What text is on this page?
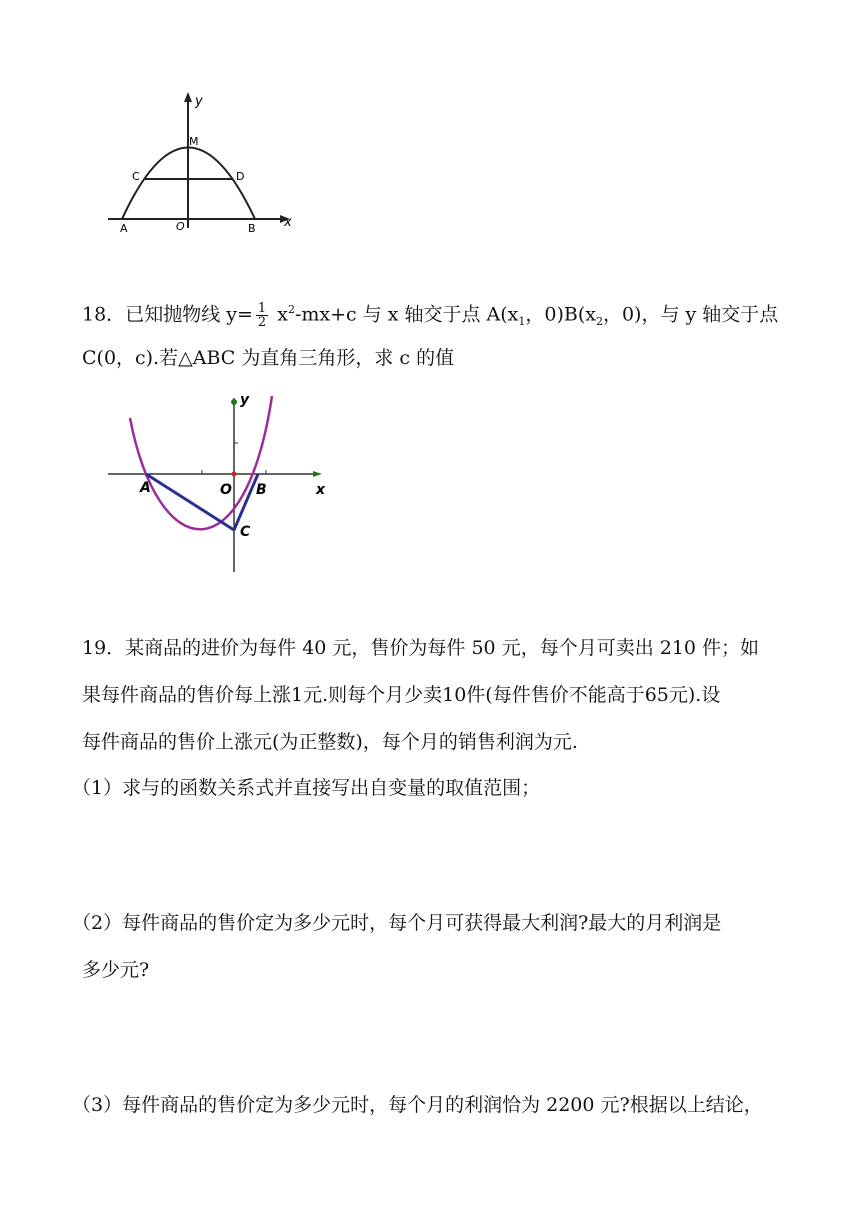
y
x
M
C	D
A	O	B
18．已知抛物线 $y= \frac{1}{2} x^2-mx+c$ 与 x 轴交于点 $A(x_1$，$0)B(x_2$，0)，与 y 轴交于点
C(0，c).若△ABC 为直角三角形，求 c 的值
y
x
A	O B
C
19．某商品的进价为每件 40 元，售价为每件 50 元，每个月可卖出 210 件；如
果每件商品的售价每上涨1元.则每个月少卖10件(每件售价不能高于65元).设
每件商品的售价上涨元(为正整数)，每个月的销售利润为元.
（1）求与的函数关系式并直接写出自变量的取值范围；
（2）每件商品的售价定为多少元时，每个月可获得最大利润?最大的月利润是
多少元?
（3）每件商品的售价定为多少元时，每个月的利润恰为 2200 元?根据以上结论，
